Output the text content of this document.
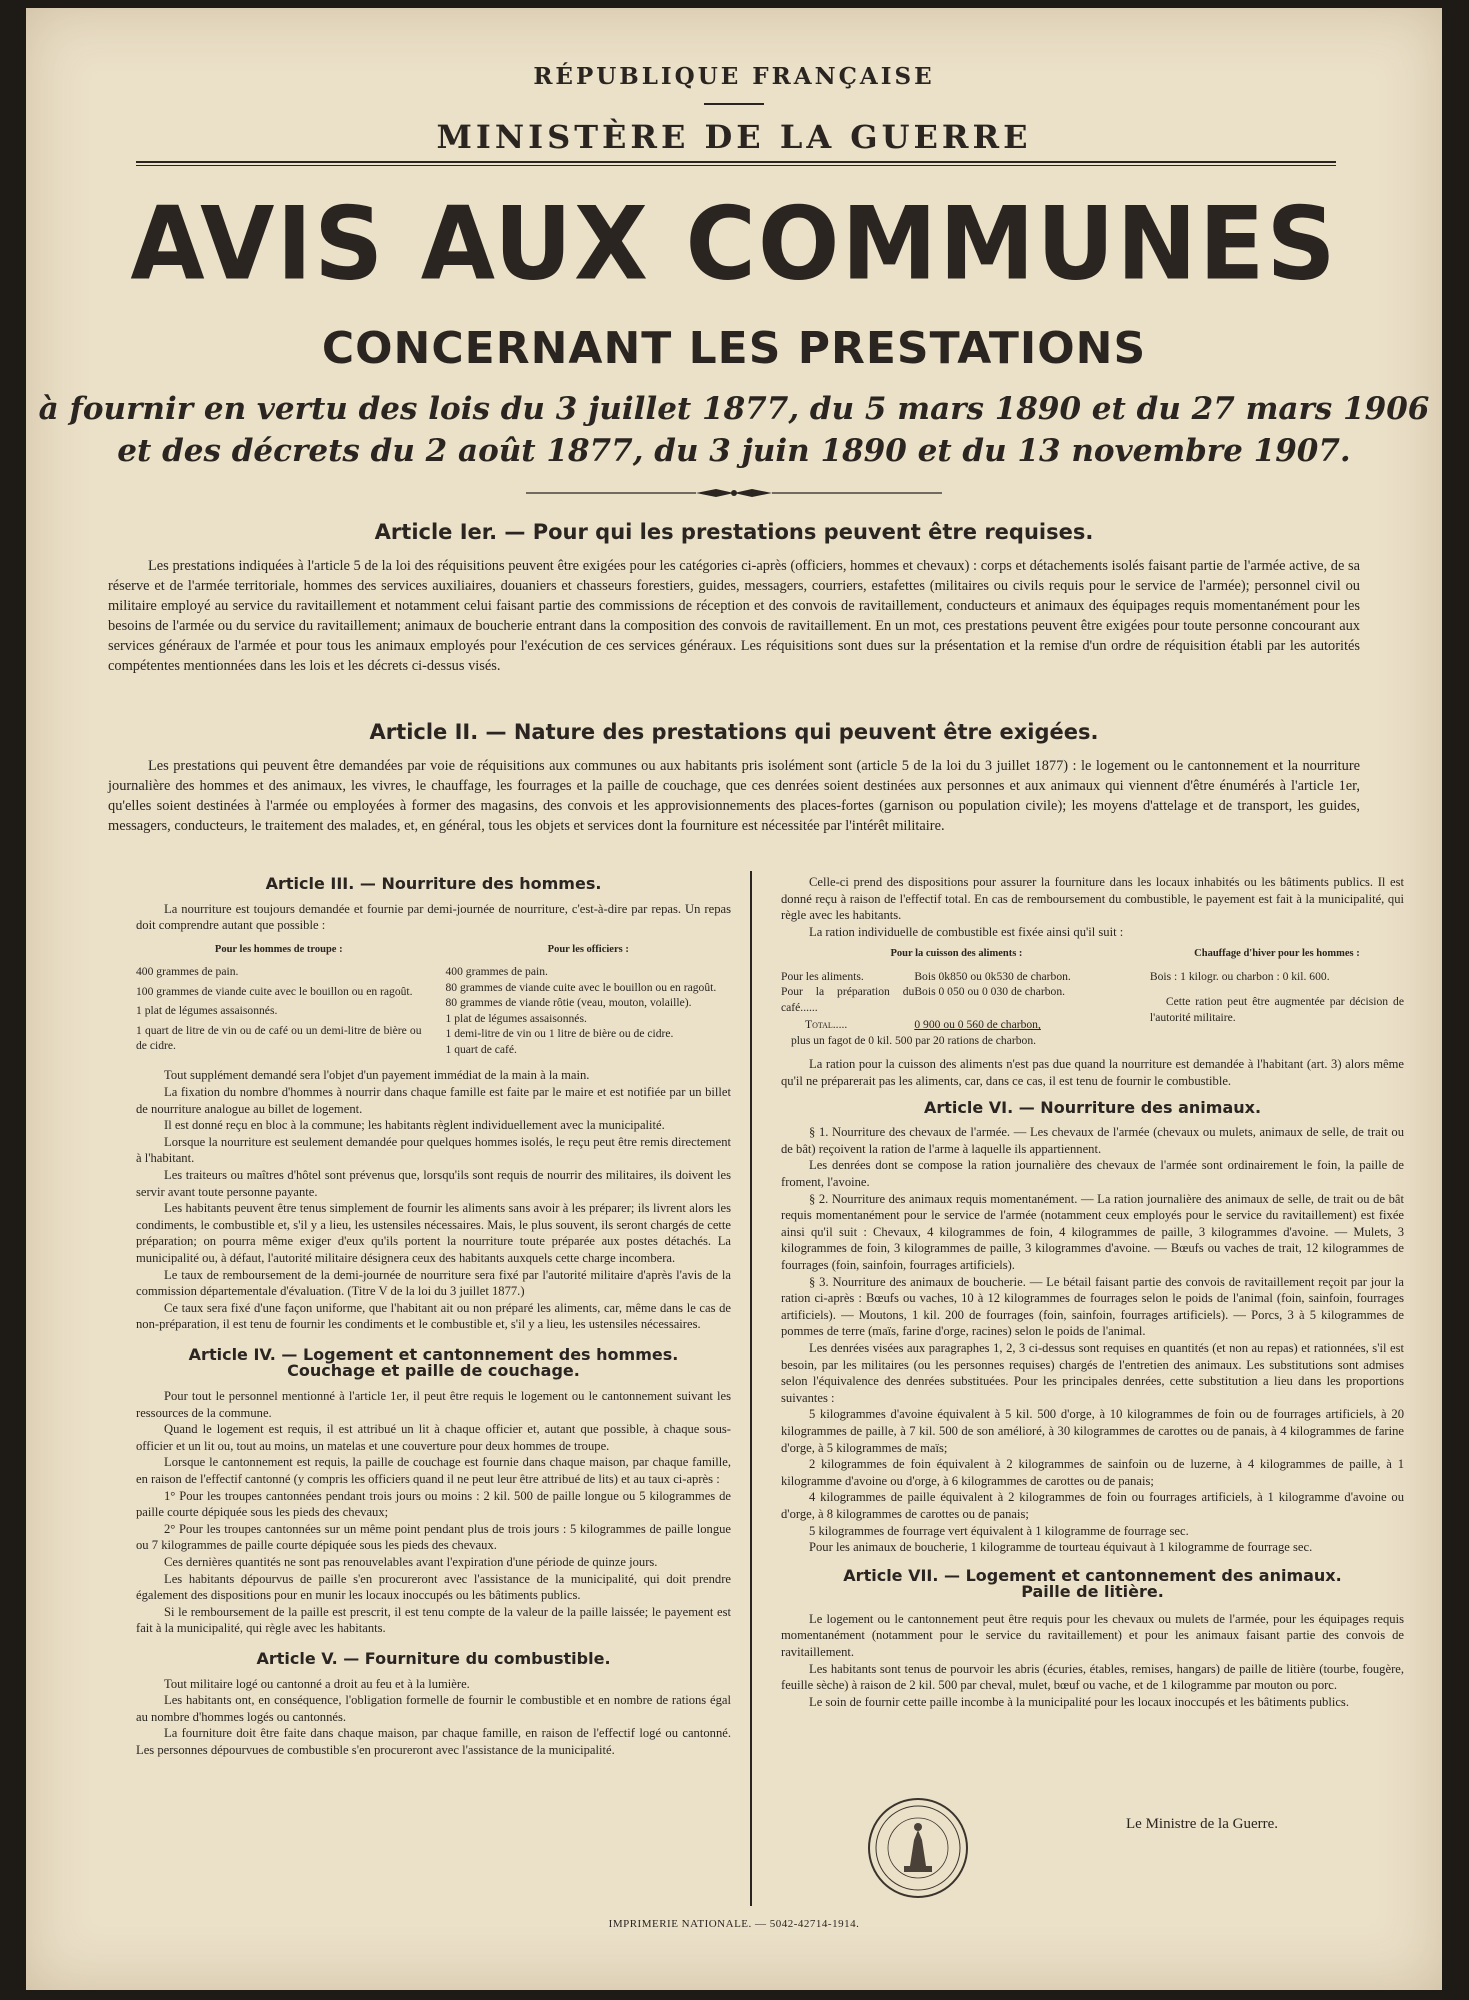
RÉPUBLIQUE FRANÇAISE
MINISTÈRE DE LA GUERRE
AVIS AUX COMMUNES
CONCERNANT LES PRESTATIONS
à fournir en vertu des lois du 3 juillet 1877, du 5 mars 1890 et du 27 mars 1906
et des décrets du 2 août 1877, du 3 juin 1890 et du 13 novembre 1907.
Article Ier. — Pour qui les prestations peuvent être requises.

Les prestations indiquées à l'article 5 de la loi des réquisitions peuvent être exigées pour les catégories ci-après (officiers, hommes et chevaux) : corps et détachements isolés faisant partie de l'armée active, de sa réserve et de l'armée territoriale, hommes des services auxiliaires, douaniers et chasseurs forestiers, guides, messagers, courriers, estafettes (militaires ou civils requis pour le service de l'armée); personnel civil ou militaire employé au service du ravitaillement et notamment celui faisant partie des commissions de réception et des convois de ravitaillement, conducteurs et animaux des équipages requis momentanément pour les besoins de l'armée ou du service du ravitaillement; animaux de boucherie entrant dans la composition des convois de ravitaillement. En un mot, ces prestations peuvent être exigées pour toute personne concourant aux services généraux de l'armée et pour tous les animaux employés pour l'exécution de ces services généraux. Les réquisitions sont dues sur la présentation et la remise d'un ordre de réquisition établi par les autorités compétentes mentionnées dans les lois et les décrets ci-dessus visés.

Article II. — Nature des prestations qui peuvent être exigées.

Les prestations qui peuvent être demandées par voie de réquisitions aux communes ou aux habitants pris isolément sont (article 5 de la loi du 3 juillet 1877) : le logement ou le cantonnement et la nourriture journalière des hommes et des animaux, les vivres, le chauffage, les fourrages et la paille de couchage, que ces denrées soient destinées aux personnes et aux animaux qui viennent d'être énumérés à l'article 1er, qu'elles soient destinées à l'armée ou employées à former des magasins, des convois et les approvisionnements des places-fortes (garnison ou population civile); les moyens d'attelage et de transport, les guides, messagers, conducteurs, le traitement des malades, et, en général, tous les objets et services dont la fourniture est nécessitée par l'intérêt militaire.

Article III. — Nourriture des hommes.

La nourriture est toujours demandée et fournie par demi-journée de nourriture, c'est-à-dire par repas. Un repas doit comprendre autant que possible :

Pour les hommes de troupe :
400 grammes de pain.
100 grammes de viande cuite avec le bouillon ou en ragoût.
1 plat de légumes assaisonnés.
1 quart de litre de vin ou de café ou un demi-litre de bière ou de cidre.
Pour les officiers :
400 grammes de pain.
80 grammes de viande cuite avec le bouillon ou en ragoût.
80 grammes de viande rôtie (veau, mouton, volaille).
1 plat de légumes assaisonnés.
1 demi-litre de vin ou 1 litre de bière ou de cidre.
1 quart de café.

Tout supplément demandé sera l'objet d'un payement immédiat de la main à la main.

La fixation du nombre d'hommes à nourrir dans chaque famille est faite par le maire et est notifiée par un billet de nourriture analogue au billet de logement.

Il est donné reçu en bloc à la commune; les habitants règlent individuellement avec la municipalité.

Lorsque la nourriture est seulement demandée pour quelques hommes isolés, le reçu peut être remis directement à l'habitant.

Les traiteurs ou maîtres d'hôtel sont prévenus que, lorsqu'ils sont requis de nourrir des militaires, ils doivent les servir avant toute personne payante.

Les habitants peuvent être tenus simplement de fournir les aliments sans avoir à les préparer; ils livrent alors les condiments, le combustible et, s'il y a lieu, les ustensiles nécessaires. Mais, le plus souvent, ils seront chargés de cette préparation; on pourra même exiger d'eux qu'ils portent la nourriture toute préparée aux postes détachés. La municipalité ou, à défaut, l'autorité militaire désignera ceux des habitants auxquels cette charge incombera.

Le taux de remboursement de la demi-journée de nourriture sera fixé par l'autorité militaire d'après l'avis de la commission départementale d'évaluation. (Titre V de la loi du 3 juillet 1877.)

Ce taux sera fixé d'une façon uniforme, que l'habitant ait ou non préparé les aliments, car, même dans le cas de non-préparation, il est tenu de fournir les condiments et le combustible et, s'il y a lieu, les ustensiles nécessaires.

Article IV. — Logement et cantonnement des hommes.
Couchage et paille de couchage.

Pour tout le personnel mentionné à l'article 1er, il peut être requis le logement ou le cantonnement suivant les ressources de la commune.

Quand le logement est requis, il est attribué un lit à chaque officier et, autant que possible, à chaque sous-officier et un lit ou, tout au moins, un matelas et une couverture pour deux hommes de troupe.

Lorsque le cantonnement est requis, la paille de couchage est fournie dans chaque maison, par chaque famille, en raison de l'effectif cantonné (y compris les officiers quand il ne peut leur être attribué de lits) et au taux ci-après :

1° Pour les troupes cantonnées pendant trois jours ou moins : 2 kil. 500 de paille longue ou 5 kilogrammes de paille courte dépiquée sous les pieds des chevaux;

2° Pour les troupes cantonnées sur un même point pendant plus de trois jours : 5 kilogrammes de paille longue ou 7 kilogrammes de paille courte dépiquée sous les pieds des chevaux.

Ces dernières quantités ne sont pas renouvelables avant l'expiration d'une période de quinze jours.

Les habitants dépourvus de paille s'en procureront avec l'assistance de la municipalité, qui doit prendre également des dispositions pour en munir les locaux inoccupés ou les bâtiments publics.

Si le remboursement de la paille est prescrit, il est tenu compte de la valeur de la paille laissée; le payement est fait à la municipalité, qui règle avec les habitants.

Article V. — Fourniture du combustible.

Tout militaire logé ou cantonné a droit au feu et à la lumière.

Les habitants ont, en conséquence, l'obligation formelle de fournir le combustible et en nombre de rations égal au nombre d'hommes logés ou cantonnés.

La fourniture doit être faite dans chaque maison, par chaque famille, en raison de l'effectif logé ou cantonné. Les personnes dépourvues de combustible s'en procureront avec l'assistance de la municipalité.

Celle-ci prend des dispositions pour assurer la fourniture dans les locaux inhabités ou les bâtiments publics. Il est donné reçu à raison de l'effectif total. En cas de remboursement du combustible, le payement est fait à la municipalité, qui règle avec les habitants.

La ration individuelle de combustible est fixée ainsi qu'il suit :

Pour la cuisson des aliments :
Pour les aliments.	Bois 0k850 ou 0k530 de charbon.
Pour la préparation du café......
Bois 0 050 ou 0 030 de charbon.
Total.....	0 900 ou 0 560 de charbon,
plus un fagot de 0 kil. 500 par 20 rations de charbon.
Chauffage d'hiver pour les hommes :
Bois : 1 kilogr. ou charbon : 0 kil. 600.
Cette ration peut être augmentée par décision de l'autorité militaire.

La ration pour la cuisson des aliments n'est pas due quand la nourriture est demandée à l'habitant (art. 3) alors même qu'il ne préparerait pas les aliments, car, dans ce cas, il est tenu de fournir le combustible.

Article VI. — Nourriture des animaux.

§ 1. Nourriture des chevaux de l'armée. — Les chevaux de l'armée (chevaux ou mulets, animaux de selle, de trait ou de bât) reçoivent la ration de l'arme à laquelle ils appartiennent.

Les denrées dont se compose la ration journalière des chevaux de l'armée sont ordinairement le foin, la paille de froment, l'avoine.

§ 2. Nourriture des animaux requis momentanément. — La ration journalière des animaux de selle, de trait ou de bât requis momentanément pour le service de l'armée (notamment ceux employés pour le service du ravitaillement) est fixée ainsi qu'il suit : Chevaux, 4 kilogrammes de foin, 4 kilogrammes de paille, 3 kilogrammes d'avoine. — Mulets, 3 kilogrammes de foin, 3 kilogrammes de paille, 3 kilogrammes d'avoine. — Bœufs ou vaches de trait, 12 kilogrammes de fourrages (foin, sainfoin, fourrages artificiels).

§ 3. Nourriture des animaux de boucherie. — Le bétail faisant partie des convois de ravitaillement reçoit par jour la ration ci-après : Bœufs ou vaches, 10 à 12 kilogrammes de fourrages selon le poids de l'animal (foin, sainfoin, fourrages artificiels). — Moutons, 1 kil. 200 de fourrages (foin, sainfoin, fourrages artificiels). — Porcs, 3 à 5 kilogrammes de pommes de terre (maïs, farine d'orge, racines) selon le poids de l'animal.

Les denrées visées aux paragraphes 1, 2, 3 ci-dessus sont requises en quantités (et non au repas) et rationnées, s'il est besoin, par les militaires (ou les personnes requises) chargés de l'entretien des animaux. Les substitutions sont admises selon l'équivalence des denrées substituées. Pour les principales denrées, cette substitution a lieu dans les proportions suivantes :

5 kilogrammes d'avoine équivalent à 5 kil. 500 d'orge, à 10 kilogrammes de foin ou de fourrages artificiels, à 20 kilogrammes de paille, à 7 kil. 500 de son amélioré, à 30 kilogrammes de carottes ou de panais, à 4 kilogrammes de farine d'orge, à 5 kilogrammes de maïs;

2 kilogrammes de foin équivalent à 2 kilogrammes de sainfoin ou de luzerne, à 4 kilogrammes de paille, à 1 kilogramme d'avoine ou d'orge, à 6 kilogrammes de carottes ou de panais;

4 kilogrammes de paille équivalent à 2 kilogrammes de foin ou fourrages artificiels, à 1 kilogramme d'avoine ou d'orge, à 8 kilogrammes de carottes ou de panais;

5 kilogrammes de fourrage vert équivalent à 1 kilogramme de fourrage sec.

Pour les animaux de boucherie, 1 kilogramme de tourteau équivaut à 1 kilogramme de fourrage sec.

Article VII. — Logement et cantonnement des animaux.
Paille de litière.

Le logement ou le cantonnement peut être requis pour les chevaux ou mulets de l'armée, pour les équipages requis momentanément (notamment pour le service du ravitaillement) et pour les animaux faisant partie des convois de ravitaillement.

Les habitants sont tenus de pourvoir les abris (écuries, étables, remises, hangars) de paille de litière (tourbe, fougère, feuille sèche) à raison de 2 kil. 500 par cheval, mulet, bœuf ou vache, et de 1 kilogramme par mouton ou porc.

Le soin de fournir cette paille incombe à la municipalité pour les locaux inoccupés et les bâtiments publics.

Le Ministre de la Guerre.
IMPRIMERIE NATIONALE. — 5042-42714-1914.
